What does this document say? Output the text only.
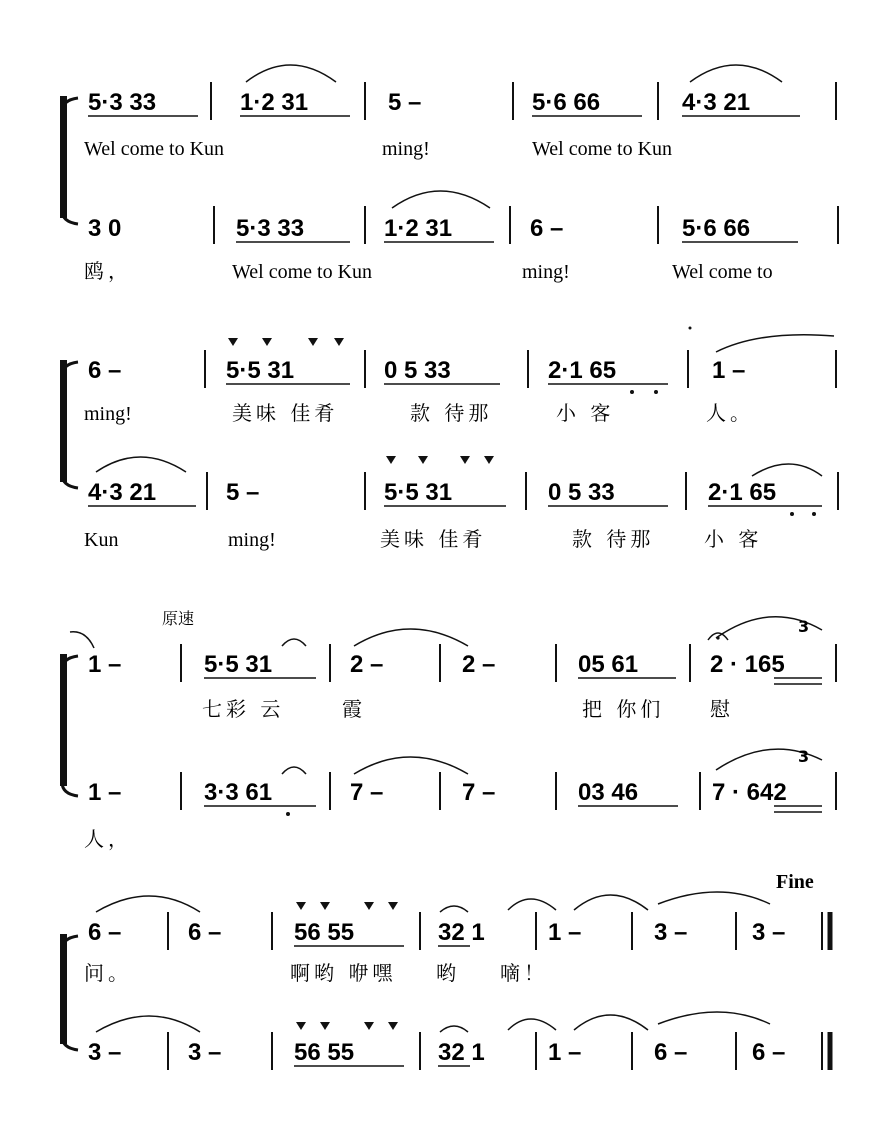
5·3 33	1·2 31	5 –	5·6 66	4·3 21
Wel come to Kun	ming!	Wel come to Kun
3 0	5·3 33	1·2 31	6 –	5·6 66
鸥，	Wel come to Kun	ming!	Wel come to
6 –	5·5 31	0 5 33	2·1 65	1 –
ming!	美味 佳肴	款 待那	小 客	人。
4·3 21	5 –	5·5 31	0 5 33	2·1 65
Kun	ming!	美味 佳肴	款 待那 小 客
原速
1 –	5·5 31	2 –	2 –	05 61	2 · 165
3
七彩 云	霞	把 你们 慰
1 –	3·3 61	7 –	7 –	03 46	7 · 642
3
人，
Fine
6 –	6 –	56 55	32 1	1 –	3 –	3 –
问。	啊哟 咿嘿 哟 嘀！
3 –	3 –	56 55	32 1	1 –	6 –	6 –
